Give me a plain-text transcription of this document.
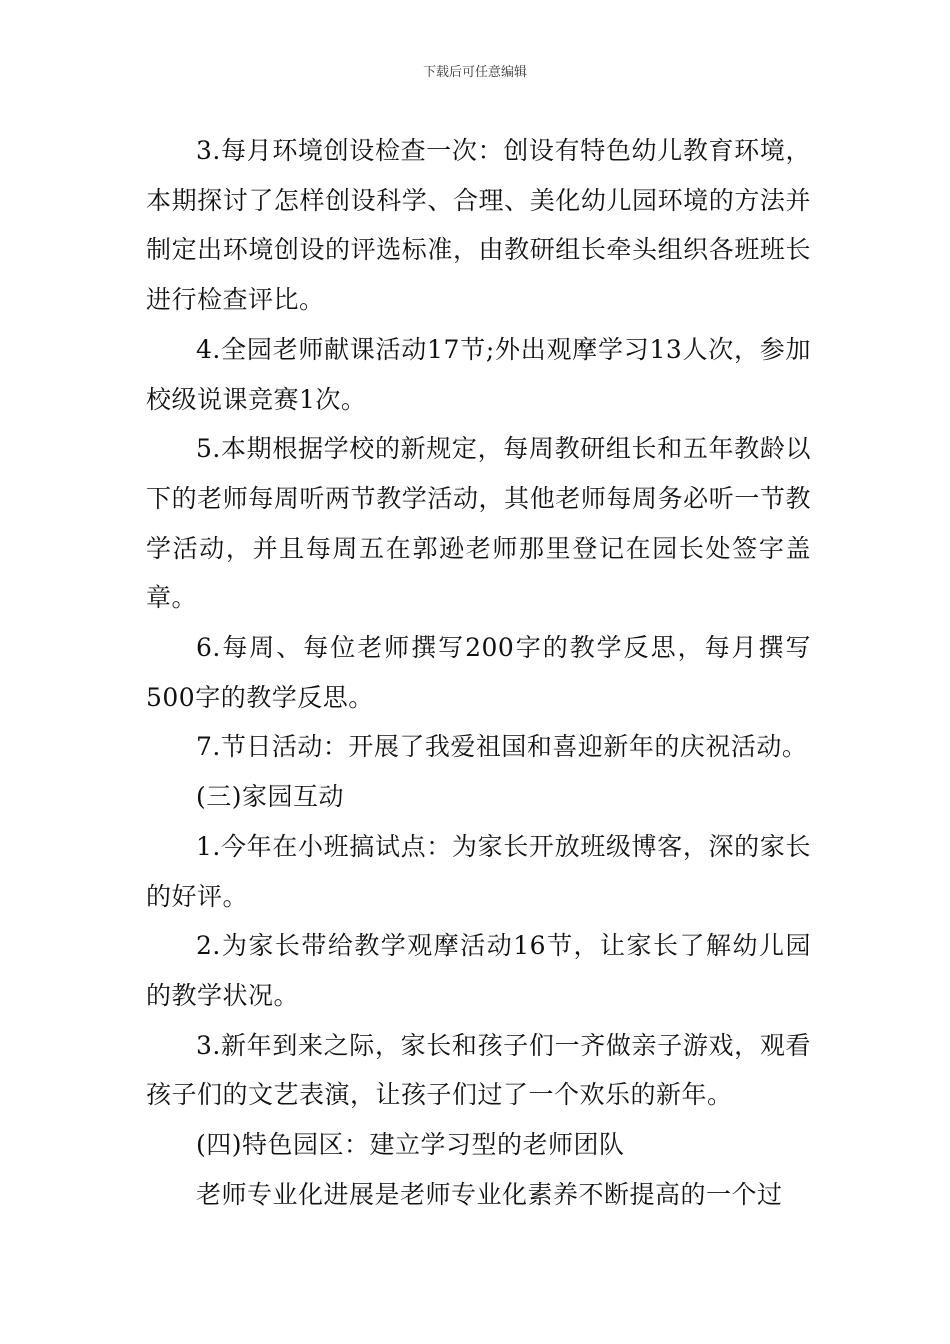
下载后可任意编辑

3.每月环境创设检查一次：创设有特色幼儿教育环境，本期探讨了怎样创设科学、合理、美化幼儿园环境的方法并制定出环境创设的评选标准，由教研组长牵头组织各班班长进行检查评比。

4.全园老师献课活动17节;外出观摩学习13人次，参加校级说课竞赛1次。

5.本期根据学校的新规定，每周教研组长和五年教龄以下的老师每周听两节教学活动，其他老师每周务必听一节教学活动，并且每周五在郭逊老师那里登记在园长处签字盖章。

6.每周、每位老师撰写200字的教学反思，每月撰写500字的教学反思。

7.节日活动：开展了我爱祖国和喜迎新年的庆祝活动。

(三)家园互动

1.今年在小班搞试点：为家长开放班级博客，深的家长的好评。

2.为家长带给教学观摩活动16节，让家长了解幼儿园的教学状况。

3.新年到来之际，家长和孩子们一齐做亲子游戏，观看孩子们的文艺表演，让孩子们过了一个欢乐的新年。

(四)特色园区：建立学习型的老师团队

老师专业化进展是老师专业化素养不断提高的一个过
